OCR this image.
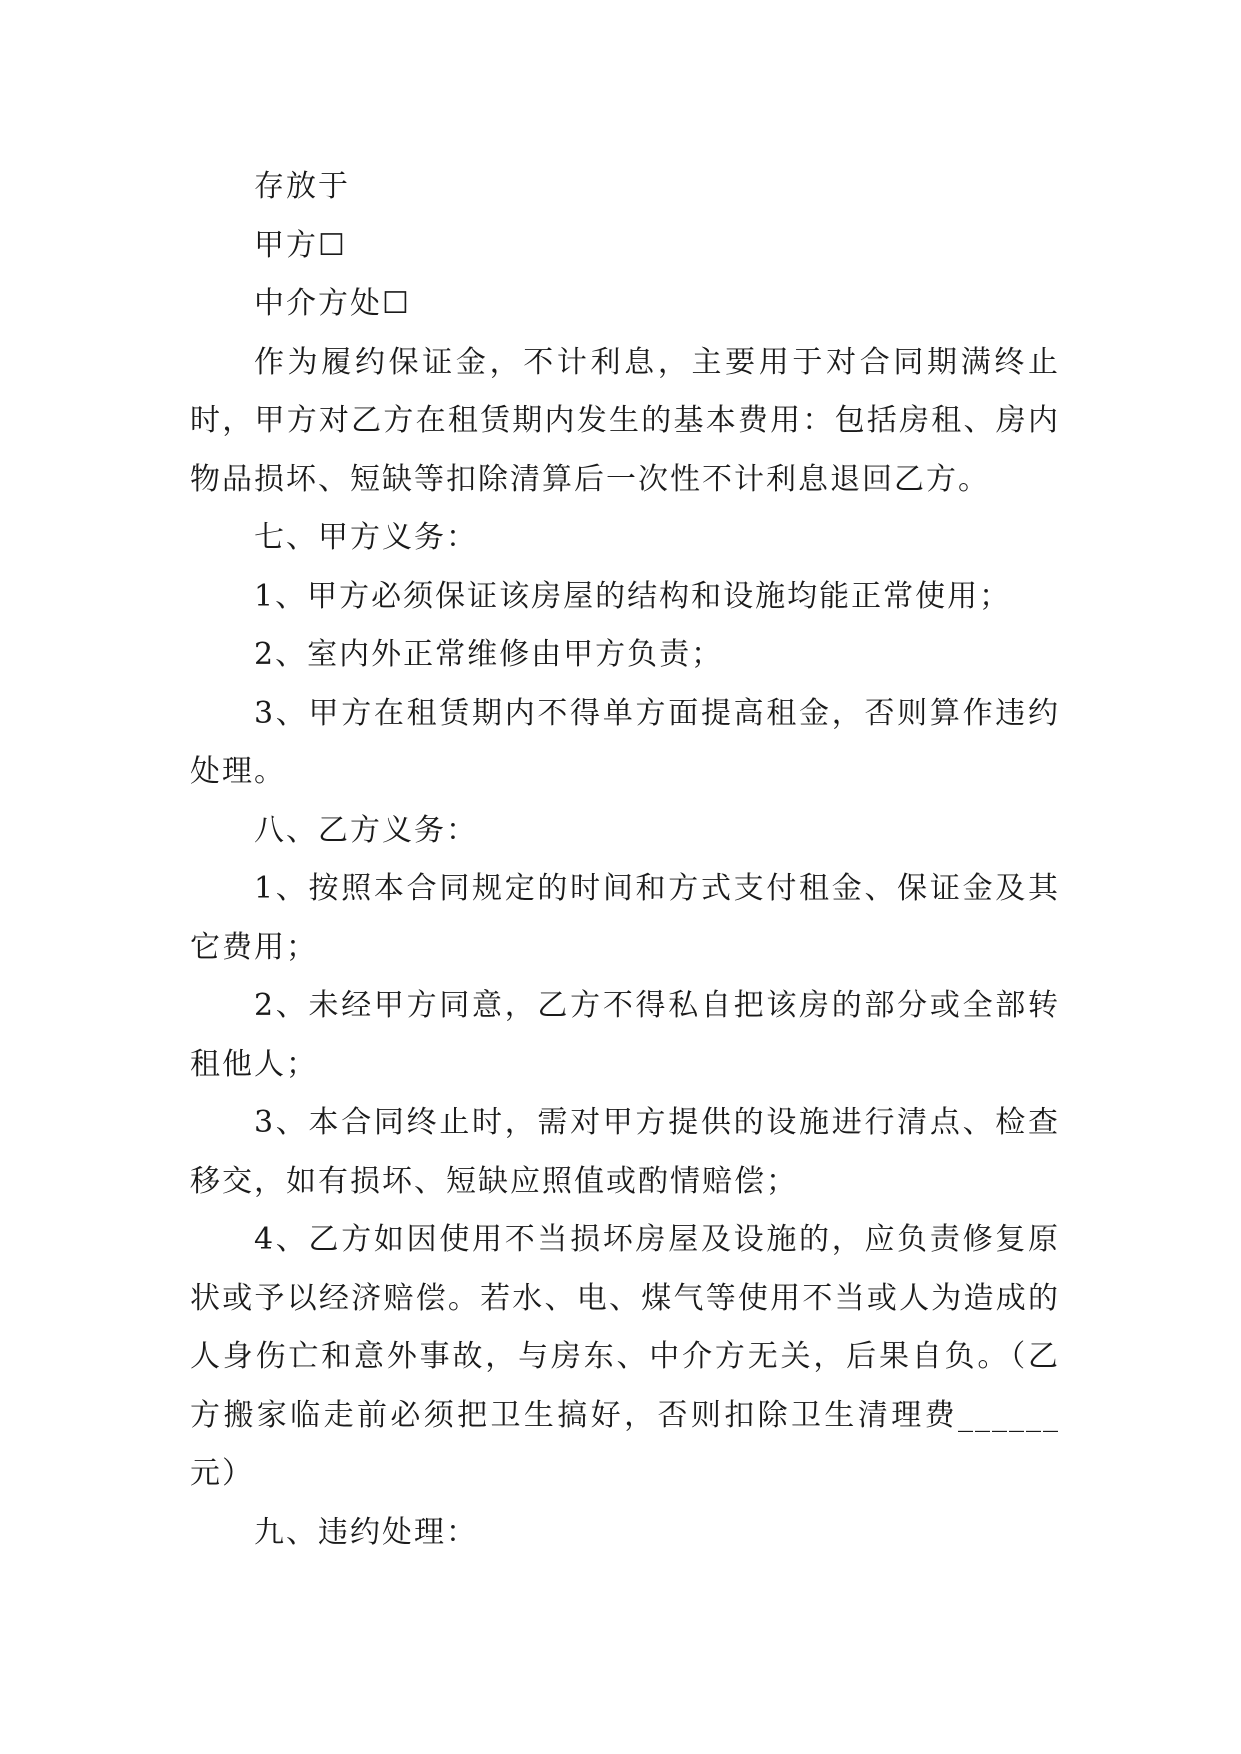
存放于

甲方☐

中介方处☐

作为履约保证金，不计利息，主要用于对合同期满终止时，甲方对乙方在租赁期内发生的基本费用：包括房租、房内物品损坏、短缺等扣除清算后一次性不计利息退回乙方。

七、甲方义务：

1、甲方必须保证该房屋的结构和设施均能正常使用；

2、室内外正常维修由甲方负责；

3、甲方在租赁期内不得单方面提高租金，否则算作违约处理。

八、乙方义务：

1、按照本合同规定的时间和方式支付租金、保证金及其它费用；

2、未经甲方同意，乙方不得私自把该房的部分或全部转租他人；

3、本合同终止时，需对甲方提供的设施进行清点、检查移交，如有损坏、短缺应照值或酌情赔偿；

4、乙方如因使用不当损坏房屋及设施的，应负责修复原状或予以经济赔偿。若水、电、煤气等使用不当或人为造成的人身伤亡和意外事故，与房东、中介方无关，后果自负。（乙方搬家临走前必须把卫生搞好，否则扣除卫生清理费______元）

九、违约处理：
